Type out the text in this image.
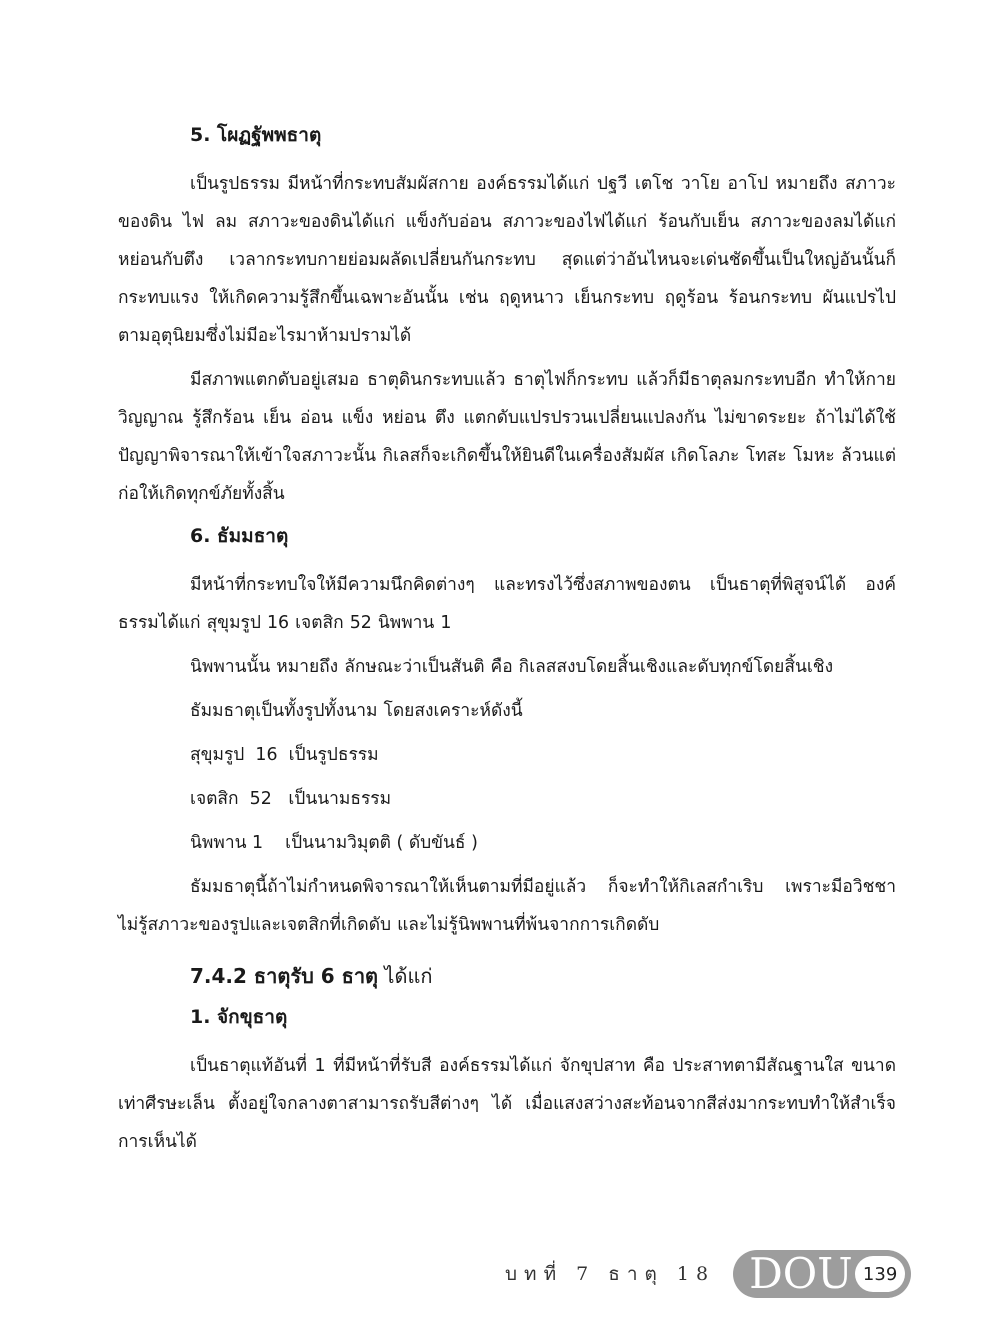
5. โผฏฐัพพธาตุ

เป็นรูปธรรม มีหน้าที่กระทบสัมผัสกาย องค์ธรรมได้แก่ ปฐวี เตโช วาโย อาโป หมายถึง สภาวะของดิน ไฟ ลม สภาวะของดินได้แก่ แข็งกับอ่อน สภาวะของไฟได้แก่ ร้อนกับเย็น สภาวะของลมได้แก่ หย่อนกับตึง เวลากระทบกายย่อมผลัดเปลี่ยนกันกระทบ สุดแต่ว่าอันไหนจะเด่นชัดขึ้นเป็นใหญ่อันนั้นก็กระทบแรง ให้เกิดความรู้สึกขึ้นเฉพาะอันนั้น เช่น ฤดูหนาว เย็นกระทบ ฤดูร้อน ร้อนกระทบ ผันแปรไปตามอุตุนิยมซึ่งไม่มีอะไรมาห้ามปรามได้

มีสภาพแตกดับอยู่เสมอ ธาตุดินกระทบแล้ว ธาตุไฟก็กระทบ แล้วก็มีธาตุลมกระทบอีก ทำให้กายวิญญาณ รู้สึกร้อน เย็น อ่อน แข็ง หย่อน ตึง แตกดับแปรปรวนเปลี่ยนแปลงกัน ไม่ขาดระยะ ถ้าไม่ได้ใช้ปัญญาพิจารณาให้เข้าใจสภาวะนั้น กิเลสก็จะเกิดขึ้นให้ยินดีในเครื่องสัมผัส เกิดโลภะ โทสะ โมหะ ล้วนแต่ก่อให้เกิดทุกข์ภัยทั้งสิ้น

6. ธัมมธาตุ

มีหน้าที่กระทบใจให้มีความนึกคิดต่างๆ และทรงไว้ซึ่งสภาพของตน เป็นธาตุที่พิสูจน์ได้ องค์ธรรมได้แก่ สุขุมรูป 16 เจตสิก 52 นิพพาน 1

นิพพานนั้น หมายถึง ลักษณะว่าเป็นสันติ คือ กิเลสสงบโดยสิ้นเชิงและดับทุกข์โดยสิ้นเชิง

ธัมมธาตุเป็นทั้งรูปทั้งนาม โดยสงเคราะห์ดังนี้

สุขุมรูป  16  เป็นรูปธรรม
เจตสิก  52   เป็นนามธรรม
นิพพาน 1    เป็นนามวิมุตติ ( ดับขันธ์ )

ธัมมธาตุนี้ถ้าไม่กำหนดพิจารณาให้เห็นตามที่มีอยู่แล้ว ก็จะทำให้กิเลสกำเริบ เพราะมีอวิชชา ไม่รู้สภาวะของรูปและเจตสิกที่เกิดดับ และไม่รู้นิพพานที่พ้นจากการเกิดดับ

7.4.2 ธาตุรับ 6 ธาตุ ได้แก่
1. จักขุธาตุ

เป็นธาตุแท้อันที่ 1 ที่มีหน้าที่รับสี องค์ธรรมได้แก่ จักขุปสาท คือ ประสาทตามีสัณฐานใส ขนาดเท่าศีรษะเล็น ตั้งอยู่ใจกลางตาสามารถรับสีต่างๆ ได้ เมื่อแสงสว่างสะท้อนจากสีส่งมากระทบทำให้สำเร็จการเห็นได้

บทที่ 7 ธาตุ 18 DOU 139
